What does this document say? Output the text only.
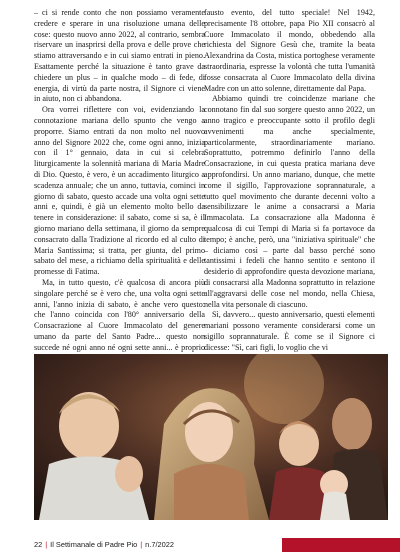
– ci si rende conto che non possiamo veramente credere e sperare in una risoluzione umana delle cose: questo nuovo anno 2022, al contrario, sembra riservare un inasprirsi della prova e delle prove che stiamo attraversando e in cui siamo entrati in pieno. Esattamente perché la situazione è tanto grave da chiedere un plus – in qualche modo – di fede, di energia, di virtù da parte nostra, il Signore ci viene in aiuto, non ci abbandona.

Ora vorrei riflettere con voi, evidenziando la connotazione mariana dello spunto che vengo a proporre. Siamo entrati da non molto nel nuovo anno del Signore 2022 che, come ogni anno, inizia con il 1° gennaio, data in cui si celebra liturgicamente la solennità mariana di Maria Madre di Dio. Questo, è vero, è un accadimento liturgico a scadenza annuale; che un anno, tuttavia, cominci in giorno di sabato, questo accade una volta ogni sette anni e, quindi, è già un elemento molto bello da tenere in considerazione: il sabato, come si sa, è il giorno mariano della settimana, il giorno da sempre consacrato dalla Tradizione al ricordo ed al culto di Maria Santissima; si tratta, per giunta, del primo sabato del mese, a richiamo della spiritualità e delle promesse di Fatima.

Ma, in tutto questo, c'è qualcosa di ancora più singolare perché se è vero che, una volta ogni sette anni, l'anno inizia di sabato, è anche vero questo: che l'anno coincida con l'80° anniversario della Consacrazione al Cuore Immacolato del genere umano da parte del Santo Padre... questo non succede né ogni anno né ogni sette anni... è proprio

fausto evento, del tutto speciale! Nel 1942, precisamente l'8 ottobre, papa Pio XII consacrò al Cuore Immacolato il mondo, obbedendo alla richiesta del Signore Gesù che, tramite la beata Alexandrina da Costa, mistica portoghese veramente straordinaria, espresse la volontà che tutta l'umanità fosse consacrata al Cuore Immacolato della divina Madre con un atto solenne, direttamente dal Papa.

Abbiamo quindi tre coincidenze mariane che connotano fin dal suo sorgere questo anno 2022, un anno tragico e preoccupante sotto il profilo degli avvenimenti ma anche specialmente, particolarmente, straordinariamente mariano. Soprattutto, potremmo definirlo l'anno della Consacrazione, in cui questa pratica mariana deve approfondirsi. Un anno mariano, dunque, che mette come il sigillo, l'approvazione soprannaturale, a tutto quel movimento che durante decenni volto a sensibilizzare le anime a consacrarsi a Maria Immacolata. La consacrazione alla Madonna è qualcosa di cui Tempi di Maria si fa portavoce da tempo; è anche, però, una "iniziativa spirituale" che – diciamo così – parte dal basso perché sono tantissimi i fedeli che hanno sentito e sentono il desiderio di approfondire questa devozione mariana, di consacrarsi alla Madonna soprattutto in relazione all'aggravarsi delle cose nel mondo, nella Chiesa, nella vita personale di ciascuno.

Sì, davvero... questo anniversario, questi elementi mariani possono veramente considerarsi come un sigillo soprannaturale. È come se il Signore ci dicesse: "Sì, cari figli, lo voglio che vi

22 | Il Settimanale di Padre Pio | n.7/2022
